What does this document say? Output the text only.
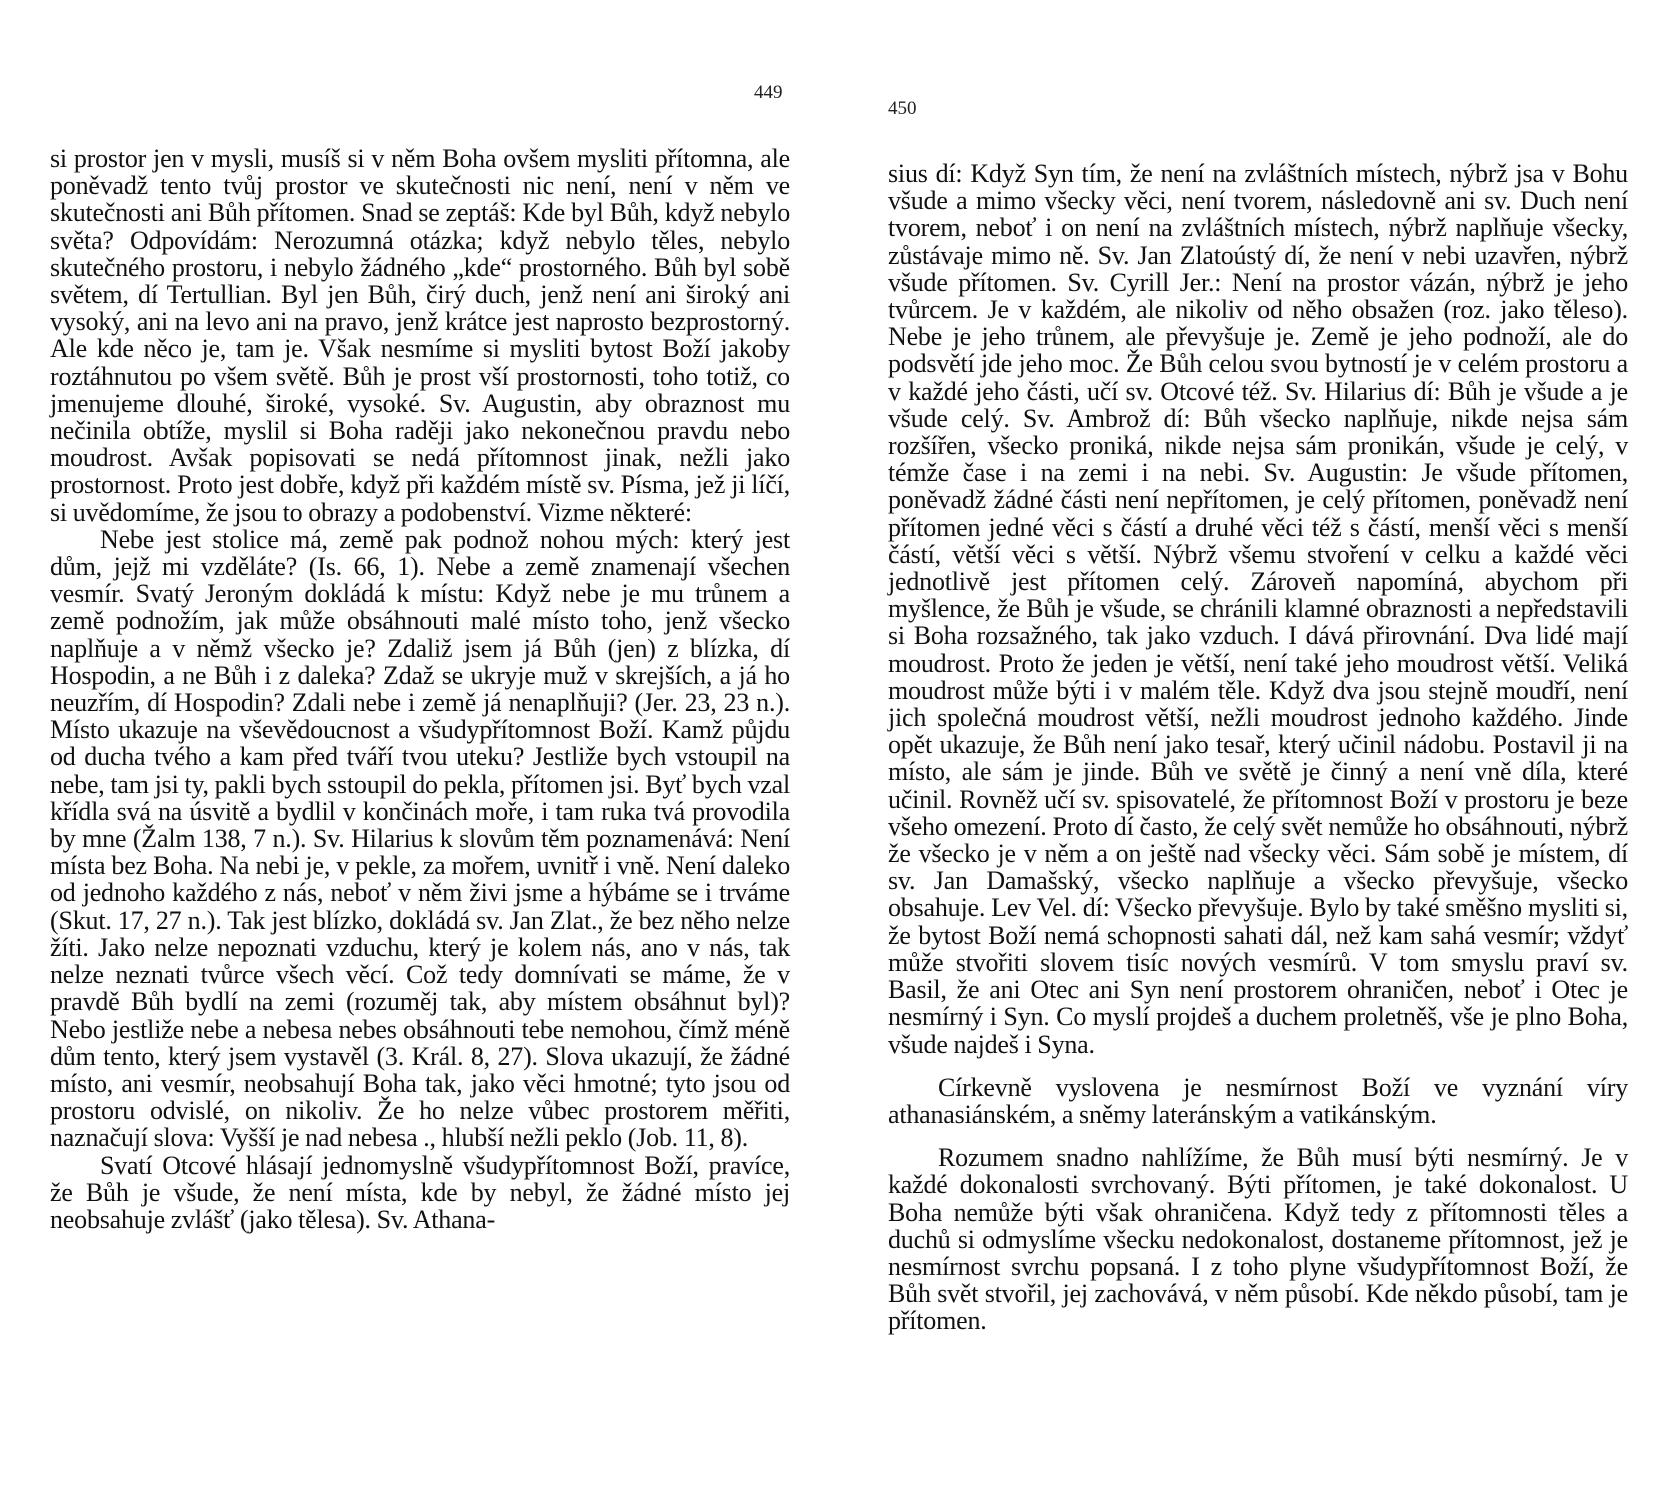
449

si prostor jen v mysli, musíš si v něm Boha ovšem mysliti přítomna, ale poněvadž tento tvůj prostor ve skutečnosti nic není, není v něm ve skutečnosti ani Bůh přítomen. Snad se zeptáš: Kde byl Bůh, když nebylo světa? Odpovídám: Nerozumná otázka; když nebylo těles, nebylo skutečného prostoru, i nebylo žádného „kde“ prostorného. Bůh byl sobě světem, dí Tertullian. Byl jen Bůh, čirý duch, jenž není ani široký ani vysoký, ani na levo ani na pravo, jenž krátce jest naprosto bezprostorný. Ale kde něco je, tam je. Však nesmíme si mysliti bytost Boží jakoby roztáhnutou po všem světě. Bůh je prost vší prostornosti, toho totiž, co jmenujeme dlouhé, široké, vysoké. Sv. Augustin, aby obraznost mu nečinila obtíže, myslil si Boha raději jako nekonečnou pravdu nebo moudrost. Avšak popisovati se nedá přítomnost jinak, nežli jako prostornost. Proto jest dobře, když při každém místě sv. Písma, jež ji líčí, si uvědomíme, že jsou to obrazy a podobenství. Vizme některé:

Nebe jest stolice má, země pak podnož nohou mých: který jest dům, jejž mi vzděláte? (Is. 66, 1). Nebe a země znamenají všechen vesmír. Svatý Jeroným dokládá k místu: Když nebe je mu trůnem a země podnožím, jak může obsáhnouti malé místo toho, jenž všecko naplňuje a v němž všecko je? Zdaliž jsem já Bůh (jen) z blízka, dí Hospodin, a ne Bůh i z daleka? Zdaž se ukryje muž v skrejších, a já ho neuzřím, dí Hospodin? Zdali nebe i země já nenaplňuji? (Jer. 23, 23 n.). Místo ukazuje na vševědoucnost a všudypřítomnost Boží. Kamž půjdu od ducha tvého a kam před tváří tvou uteku? Jestliže bych vstoupil na nebe, tam jsi ty, pakli bych sstoupil do pekla, přítomen jsi. Byť bych vzal křídla svá na úsvitě a bydlil v končinách moře, i tam ruka tvá provodila by mne (Žalm 138, 7 n.). Sv. Hilarius k slovům těm poznamenává: Není místa bez Boha. Na nebi je, v pekle, za mořem, uvnitř i vně. Není daleko od jednoho každého z nás, neboť v něm živi jsme a hýbáme se i trváme (Skut. 17, 27 n.). Tak jest blízko, dokládá sv. Jan Zlat., že bez něho nelze žíti. Jako nelze nepoznati vzduchu, který je kolem nás, ano v nás, tak nelze neznati tvůrce všech věcí. Což tedy domnívati se máme, že v pravdě Bůh bydlí na zemi (rozuměj tak, aby místem obsáhnut byl)? Nebo jestliže nebe a nebesa nebes obsáhnouti tebe nemohou, čímž méně dům tento, který jsem vystavěl (3. Král. 8, 27). Slova ukazují, že žádné místo, ani vesmír, neobsahují Boha tak, jako věci hmotné; tyto jsou od prostoru odvislé, on nikoliv. Že ho nelze vůbec prostorem měřiti, naznačují slova: Vyšší je nad nebesa ., hlubší nežli peklo (Job. 11, 8).

Svatí Otcové hlásají jednomyslně všudypřítomnost Boží, pravíce, že Bůh je všude, že není místa, kde by nebyl, že žádné místo jej neobsahuje zvlášť (jako tělesa). Sv. Athana-

450

sius dí: Když Syn tím, že není na zvláštních místech, nýbrž jsa v Bohu všude a mimo všecky věci, není tvorem, následovně ani sv. Duch není tvorem, neboť i on není na zvláštních místech, nýbrž naplňuje všecky, zůstávaje mimo ně. Sv. Jan Zlatoústý dí, že není v nebi uzavřen, nýbrž všude přítomen. Sv. Cyrill Jer.: Není na prostor vázán, nýbrž je jeho tvůrcem. Je v každém, ale nikoliv od něho obsažen (roz. jako těleso). Nebe je jeho trůnem, ale převyšuje je. Země je jeho podnoží, ale do podsvětí jde jeho moc. Že Bůh celou svou bytností je v celém prostoru a v každé jeho části, učí sv. Otcové též. Sv. Hilarius dí: Bůh je všude a je všude celý. Sv. Ambrož dí: Bůh všecko naplňuje, nikde nejsa sám rozšířen, všecko proniká, nikde nejsa sám pronikán, všude je celý, v témže čase i na zemi i na nebi. Sv. Augustin: Je všude přítomen, poněvadž žádné části není nepřítomen, je celý přítomen, poněvadž není přítomen jedné věci s částí a druhé věci též s částí, menší věci s menší částí, větší věci s větší. Nýbrž všemu stvoření v celku a každé věci jednotlivě jest přítomen celý. Zároveň napomíná, abychom při myšlence, že Bůh je všude, se chránili klamné obraznosti a nepředstavili si Boha rozsažného, tak jako vzduch. I dává přirovnání. Dva lidé mají moudrost. Proto že jeden je větší, není také jeho moudrost větší. Veliká moudrost může býti i v malém těle. Když dva jsou stejně moudří, není jich společná moudrost větší, nežli moudrost jednoho každého. Jinde opět ukazuje, že Bůh není jako tesař, který učinil nádobu. Postavil ji na místo, ale sám je jinde. Bůh ve světě je činný a není vně díla, které učinil. Rovněž učí sv. spisovatelé, že přítomnost Boží v prostoru je beze všeho omezení. Proto dí často, že celý svět nemůže ho obsáhnouti, nýbrž že všecko je v něm a on ještě nad všecky věci. Sám sobě je místem, dí sv. Jan Damašský, všecko naplňuje a všecko převyšuje, všecko obsahuje. Lev Vel. dí: Všecko převyšuje. Bylo by také směšno mysliti si, že bytost Boží nemá schopnosti sahati dál, než kam sahá vesmír; vždyť může stvořiti slovem tisíc nových vesmírů. V tom smyslu praví sv. Basil, že ani Otec ani Syn není prostorem ohraničen, neboť i Otec je nesmírný i Syn. Co myslí projdeš a duchem proletněš, vše je plno Boha, všude najdeš i Syna.

Církevně vyslovena je nesmírnost Boží ve vyznání víry athanasiánském, a sněmy lateránským a vatikánským.

Rozumem snadno nahlížíme, že Bůh musí býti nesmírný. Je v každé dokonalosti svrchovaný. Býti přítomen, je také dokonalost. U Boha nemůže býti však ohraničena. Když tedy z přítomnosti těles a duchů si odmyslíme všecku nedokonalost, dostaneme přítomnost, jež je nesmírnost svrchu popsaná. I z toho plyne všudypřítomnost Boží, že Bůh svět stvořil, jej zachovává, v něm působí. Kde někdo působí, tam je přítomen.
